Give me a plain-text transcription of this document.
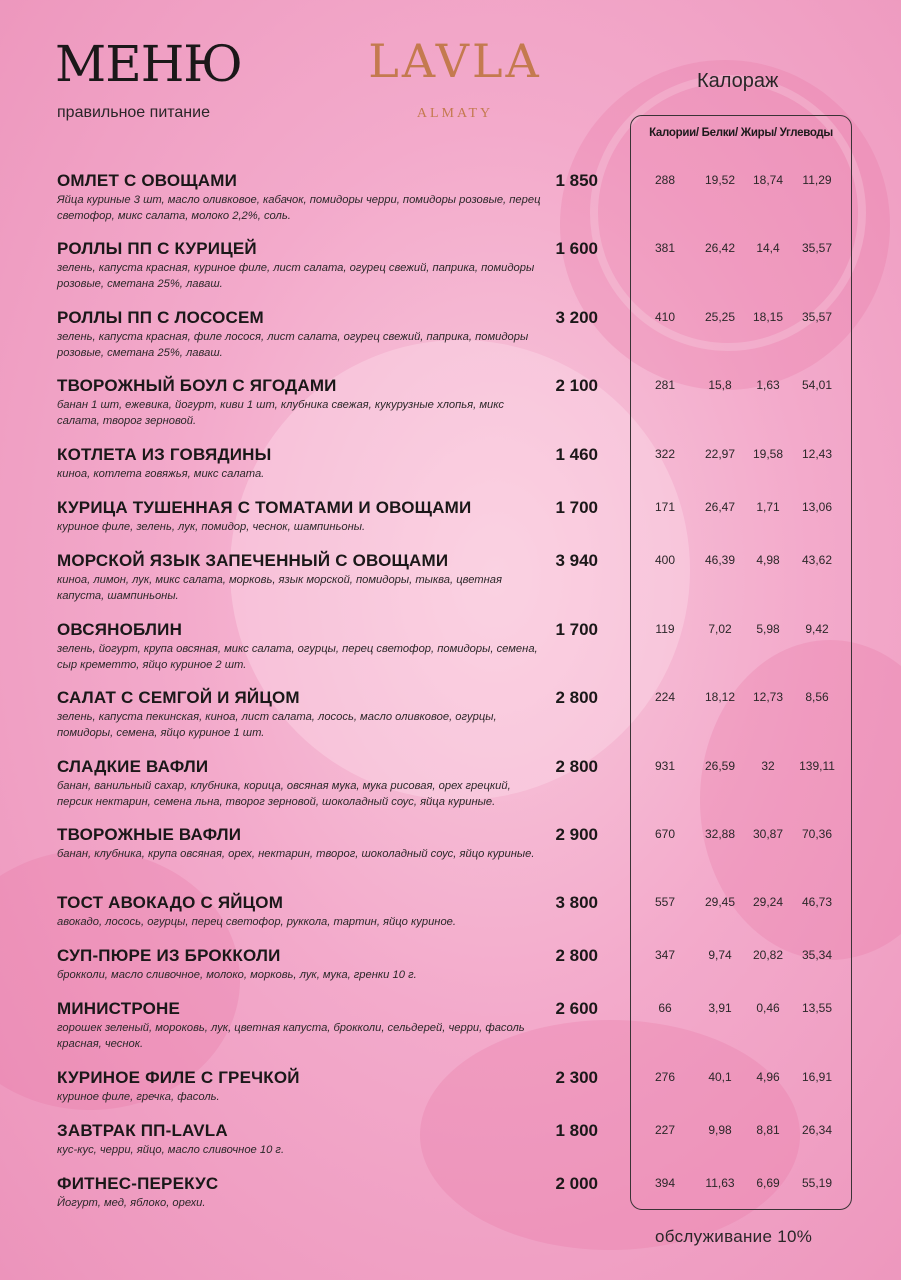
МЕНЮ
правильное питание
LAVLA
ALMATY
Калораж
Калории/ Белки/ Жиры/ Углеводы
ОМЛЕТ С ОВОЩАМИ	1 850
Яйца куриные 3 шт, масло оливковое, кабачок, помидоры черри, помидоры розовые, перец светофор, микс салата, молоко 2,2%, соль.
288	19,52	18,74	11,29
РОЛЛЫ ПП С КУРИЦЕЙ	1 600
зелень, капуста красная, куриное филе, лист салата, огурец свежий, паприка, помидоры розовые, сметана 25%, лаваш.
381	26,42	14,4	35,57
РОЛЛЫ ПП С ЛОСОСЕМ	3 200
зелень, капуста красная, филе лосося, лист салата, огурец свежий, паприка, помидоры розовые, сметана 25%, лаваш.
410	25,25	18,15	35,57
ТВОРОЖНЫЙ БОУЛ С ЯГОДАМИ	2 100
банан 1 шт, ежевика, йогурт, киви 1 шт, клубника свежая, кукурузные хлопья, микс салата, творог зерновой.
281	15,8	1,63	54,01
КОТЛЕТА ИЗ ГОВЯДИНЫ	1 460
киноа, котлета говяжья, микс салата.
322	22,97	19,58	12,43
КУРИЦА ТУШЕННАЯ С ТОМАТАМИ И ОВОЩАМИ	1 700
куриное филе, зелень, лук, помидор, чеснок, шампиньоны.
171	26,47	1,71	13,06
МОРСКОЙ ЯЗЫК ЗАПЕЧЕННЫЙ С ОВОЩАМИ	3 940
киноа, лимон, лук, микс салата, морковь, язык морской, помидоры, тыква, цветная капуста, шампиньоны.
400	46,39	4,98	43,62
ОВСЯНОБЛИН	1 700
зелень, йогурт, крупа овсяная, микс салата, огурцы, перец светофор, помидоры, семена, сыр креметто, яйцо куриное 2 шт.
119	7,02	5,98	9,42
САЛАТ С СЕМГОЙ И ЯЙЦОМ	2 800
зелень, капуста пекинская, киноа, лист салата, лосось, масло оливковое, огурцы, помидоры, семена, яйцо куриное 1 шт.
224	18,12	12,73	8,56
СЛАДКИЕ ВАФЛИ	2 800
банан, ванильный сахар, клубника, корица, овсяная мука, мука рисовая, орех грецкий, персик нектарин, семена льна, творог зерновой, шоколадный соус, яйца куриные.
931	26,59	32	139,11
ТВОРОЖНЫЕ ВАФЛИ	2 900
банан, клубника, крупа овсяная, орех, нектарин, творог, шоколадный соус, яйцо куриные.
670	32,88	30,87	70,36
ТОСТ АВОКАДО С ЯЙЦОМ	3 800
авокадо, лосось, огурцы, перец светофор, руккола, тартин, яйцо куриное.
557	29,45	29,24	46,73
СУП-ПЮРЕ ИЗ БРОККОЛИ	2 800
брокколи, масло сливочное, молоко, морковь, лук, мука, гренки 10 г.
347	9,74	20,82	35,34
МИНИСТРОНЕ	2 600
горошек зеленый, мороковь, лук, цветная капуста, брокколи, сельдерей, черри, фасоль красная, чеснок.
66	3,91	0,46	13,55
КУРИНОЕ ФИЛЕ С ГРЕЧКОЙ	2 300
куриное филе, гречка, фасоль.
276	40,1	4,96	16,91
ЗАВТРАК ПП-LAVLA	1 800
кус-кус, черри, яйцо, масло сливочное 10 г.
227	9,98	8,81	26,34
ФИТНЕС-ПЕРЕКУС	2 000
Йогурт, мед, яблоко, орехи.
394	11,63	6,69	55,19
обслуживание 10%
